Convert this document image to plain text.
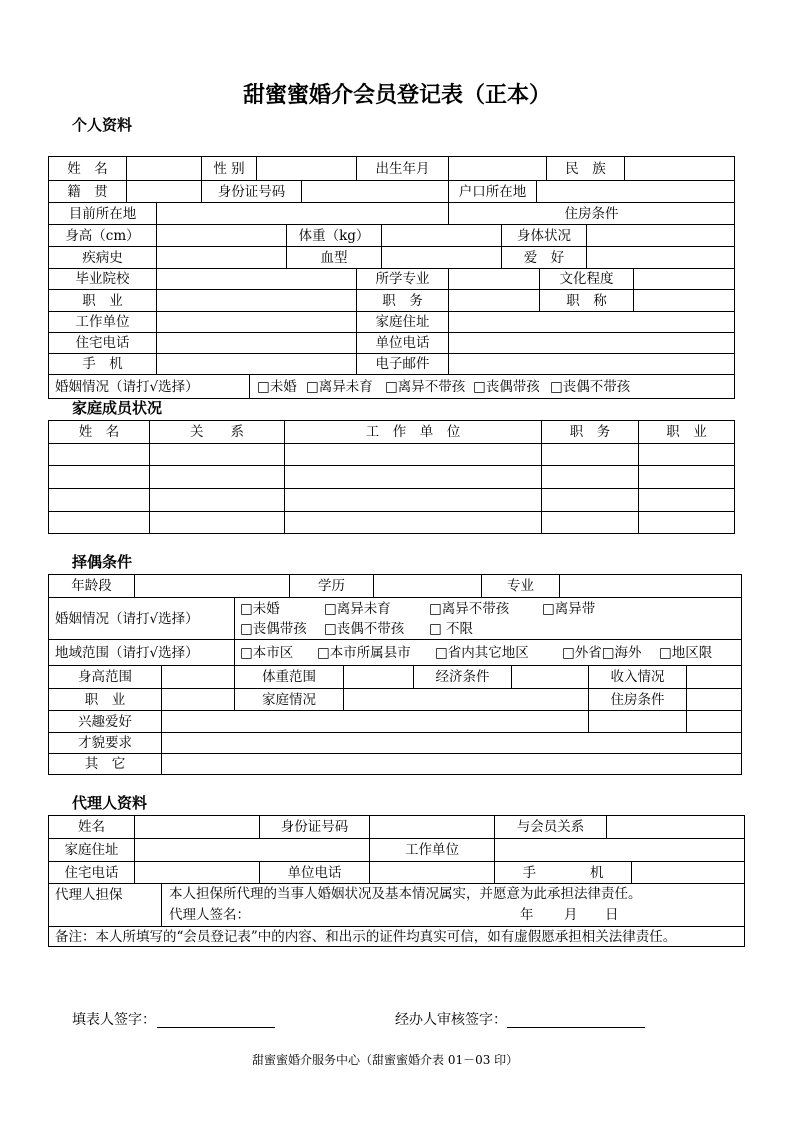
甜蜜蜜婚介会员登记表（正本）
个人资料
姓　名	性 别	出生年月	民　族
籍　贯	身份证号码	户口所在地
目前所在地	住房条件
身高（cm）	体重（kg）	身体状况
疾病史	血型	爱　好
毕业院校	所学专业	文化程度
职　业	职　务	职　称
工作单位	家庭住址
住宅电话	单位电话
手　机	电子邮件
婚姻情况（请打√选择）	□未婚 □离异未育 □离异不带孩 □丧偶带孩 □丧偶不带孩
家庭成员状况
姓　名	关　　系	工　作　单　位	职　务	职　业
择偶条件
年龄段	学历	专业
婚姻情况（请打√选择）
□未婚	□离异未育	□离异不带孩	□离异带
□丧偶带孩	□丧偶不带孩	□ 不限
地域范围（请打√选择）	□本市区	□本市所属县市	□省内其它地区	□外省□海外	□地区限
身高范围	体重范围	经济条件	收入情况
职　业	家庭情况	住房条件
兴趣爱好
才貌要求
其　它
代理人资料
姓名	身份证号码	与会员关系
家庭住址	工作单位
住宅电话	单位电话	手　　　　机
代理人担保	本人担保所代理的当事人婚姻状况及基本情况属实，并愿意为此承担法律责任。
代理人签名：	年	月	日
备注：本人所填写的“会员登记表”中的内容、和出示的证件均真实可信，如有虚假愿承担相关法律责任。
填表人签字：	经办人审核签字：
甜蜜蜜婚介服务中心（甜蜜蜜婚介表 01－03 印）
